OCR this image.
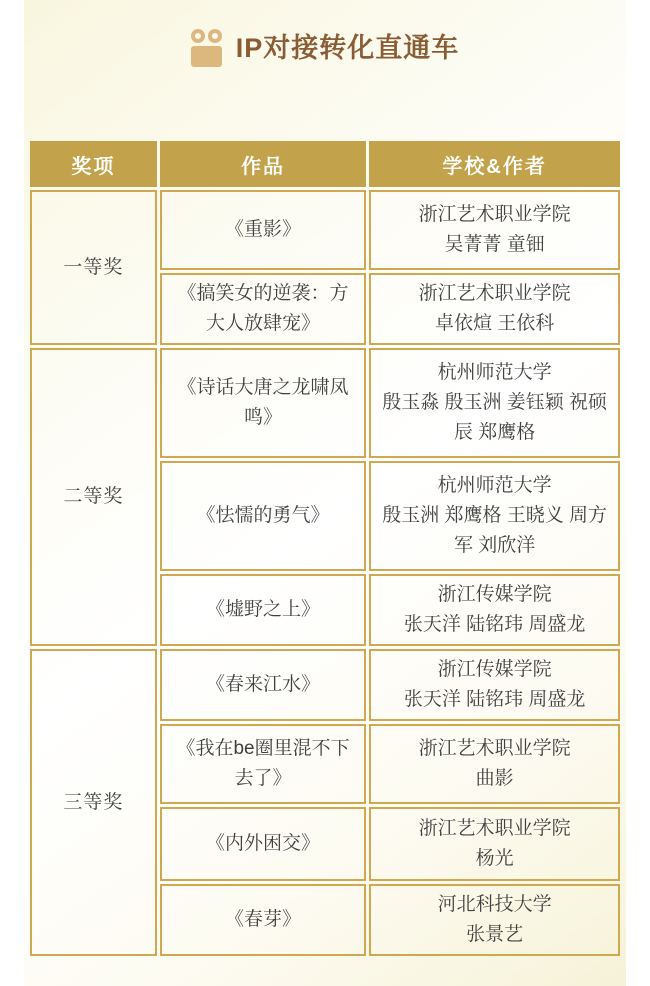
IP对接转化直通车
奖项	作品	学校&作者
一等奖	《重影》	浙江艺术职业学院
吴菁菁 童钿

	《搞笑女的逆袭：方大人放肆宠》	浙江艺术职业学院
卓依煊 王依科

二等奖	《诗话大唐之龙啸凤鸣》	杭州师范大学
殷玉淼 殷玉洲 姜钰颖 祝硕辰 郑鹰格

	《怯懦的勇气》	杭州师范大学
殷玉洲 郑鹰格 王晓义 周方军 刘欣洋

	《墟野之上》	浙江传媒学院
张天洋 陆铭玮 周盛龙

三等奖	《春来江水》	浙江传媒学院
张天洋 陆铭玮 周盛龙

	《我在be圈里混不下去了》	浙江艺术职业学院
曲影

	《内外困交》	浙江艺术职业学院
杨光

	《春芽》	河北科技大学
张景艺
